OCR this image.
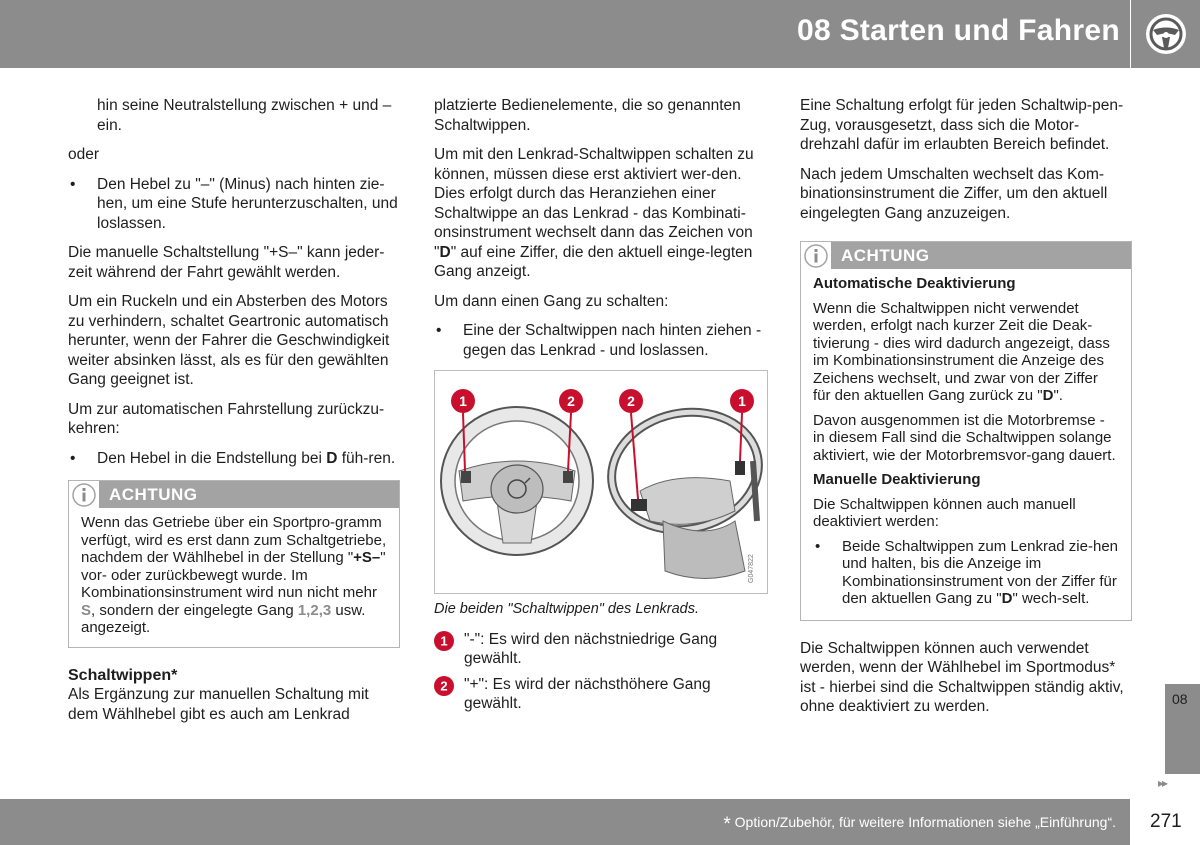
08 Starten und Fahren

hin seine Neutralstellung zwischen + und – ein.

oder

• Den Hebel zu "–" (Minus) nach hinten zie-hen, um eine Stufe herunterzuschalten, und loslassen.

Die manuelle Schaltstellung "+S–" kann jeder-zeit während der Fahrt gewählt werden.

Um ein Ruckeln und ein Absterben des Motors zu verhindern, schaltet Geartronic automatisch herunter, wenn der Fahrer die Geschwindigkeit weiter absinken lässt, als es für den gewählten Gang geeignet ist.

Um zur automatischen Fahrstellung zurückzu-kehren:

• Den Hebel in die Endstellung bei D füh-ren.
ACHTUNG
Wenn das Getriebe über ein Sportpro-gramm verfügt, wird es erst dann zum Schaltgetriebe, nachdem der Wählhebel in der Stellung "+S–" vor- oder zurückbewegt wurde. Im Kombinationsinstrument wird nun nicht mehr S, sondern der eingelegte Gang 1,2,3 usw. angezeigt.

Schaltwippen*

Als Ergänzung zur manuellen Schaltung mit dem Wählhebel gibt es auch am Lenkrad

platzierte Bedienelemente, die so genannten Schaltwippen.

Um mit den Lenkrad-Schaltwippen schalten zu können, müssen diese erst aktiviert wer-den. Dies erfolgt durch das Heranziehen einer Schaltwippe an das Lenkrad - das Kombinati-onsinstrument wechselt dann das Zeichen von "D" auf eine Ziffer, die den aktuell einge-legten Gang anzeigt.

Um dann einen Gang zu schalten:

• Eine der Schaltwippen nach hinten ziehen - gegen das Lenkrad - und loslassen.
1	2	2	1
G047822

Die beiden "Schaltwippen" des Lenkrads.

1 "-": Es wird den nächstniedrige Gang gewählt.
2 "+": Es wird der nächsthöhere Gang gewählt.

Eine Schaltung erfolgt für jeden Schaltwip-pen-Zug, vorausgesetzt, dass sich die Motor-drehzahl dafür im erlaubten Bereich befindet.

Nach jedem Umschalten wechselt das Kom-binationsinstrument die Ziffer, um den aktuell eingelegten Gang anzuzeigen.

ACHTUNG

Automatische Deaktivierung

Wenn die Schaltwippen nicht verwendet werden, erfolgt nach kurzer Zeit die Deak-tivierung - dies wird dadurch angezeigt, dass im Kombinationsinstrument die Anzeige des Zeichens wechselt, und zwar von der Ziffer für den aktuellen Gang zurück zu "D".

Davon ausgenommen ist die Motorbremse - in diesem Fall sind die Schaltwippen solange aktiviert, wie der Motorbremsvor-gang dauert.

Manuelle Deaktivierung

Die Schaltwippen können auch manuell deaktiviert werden:

• Beide Schaltwippen zum Lenkrad zie-hen und halten, bis die Anzeige im Kombinationsinstrument von der Ziffer für den aktuellen Gang zu "D" wech-selt.

Die Schaltwippen können auch verwendet werden, wenn der Wählhebel im Sportmodus* ist - hierbei sind die Schaltwippen ständig aktiv, ohne deaktiviert zu werden.	08
▸▸
* Option/Zubehör, für weitere Informationen siehe „Einführung“. 271
